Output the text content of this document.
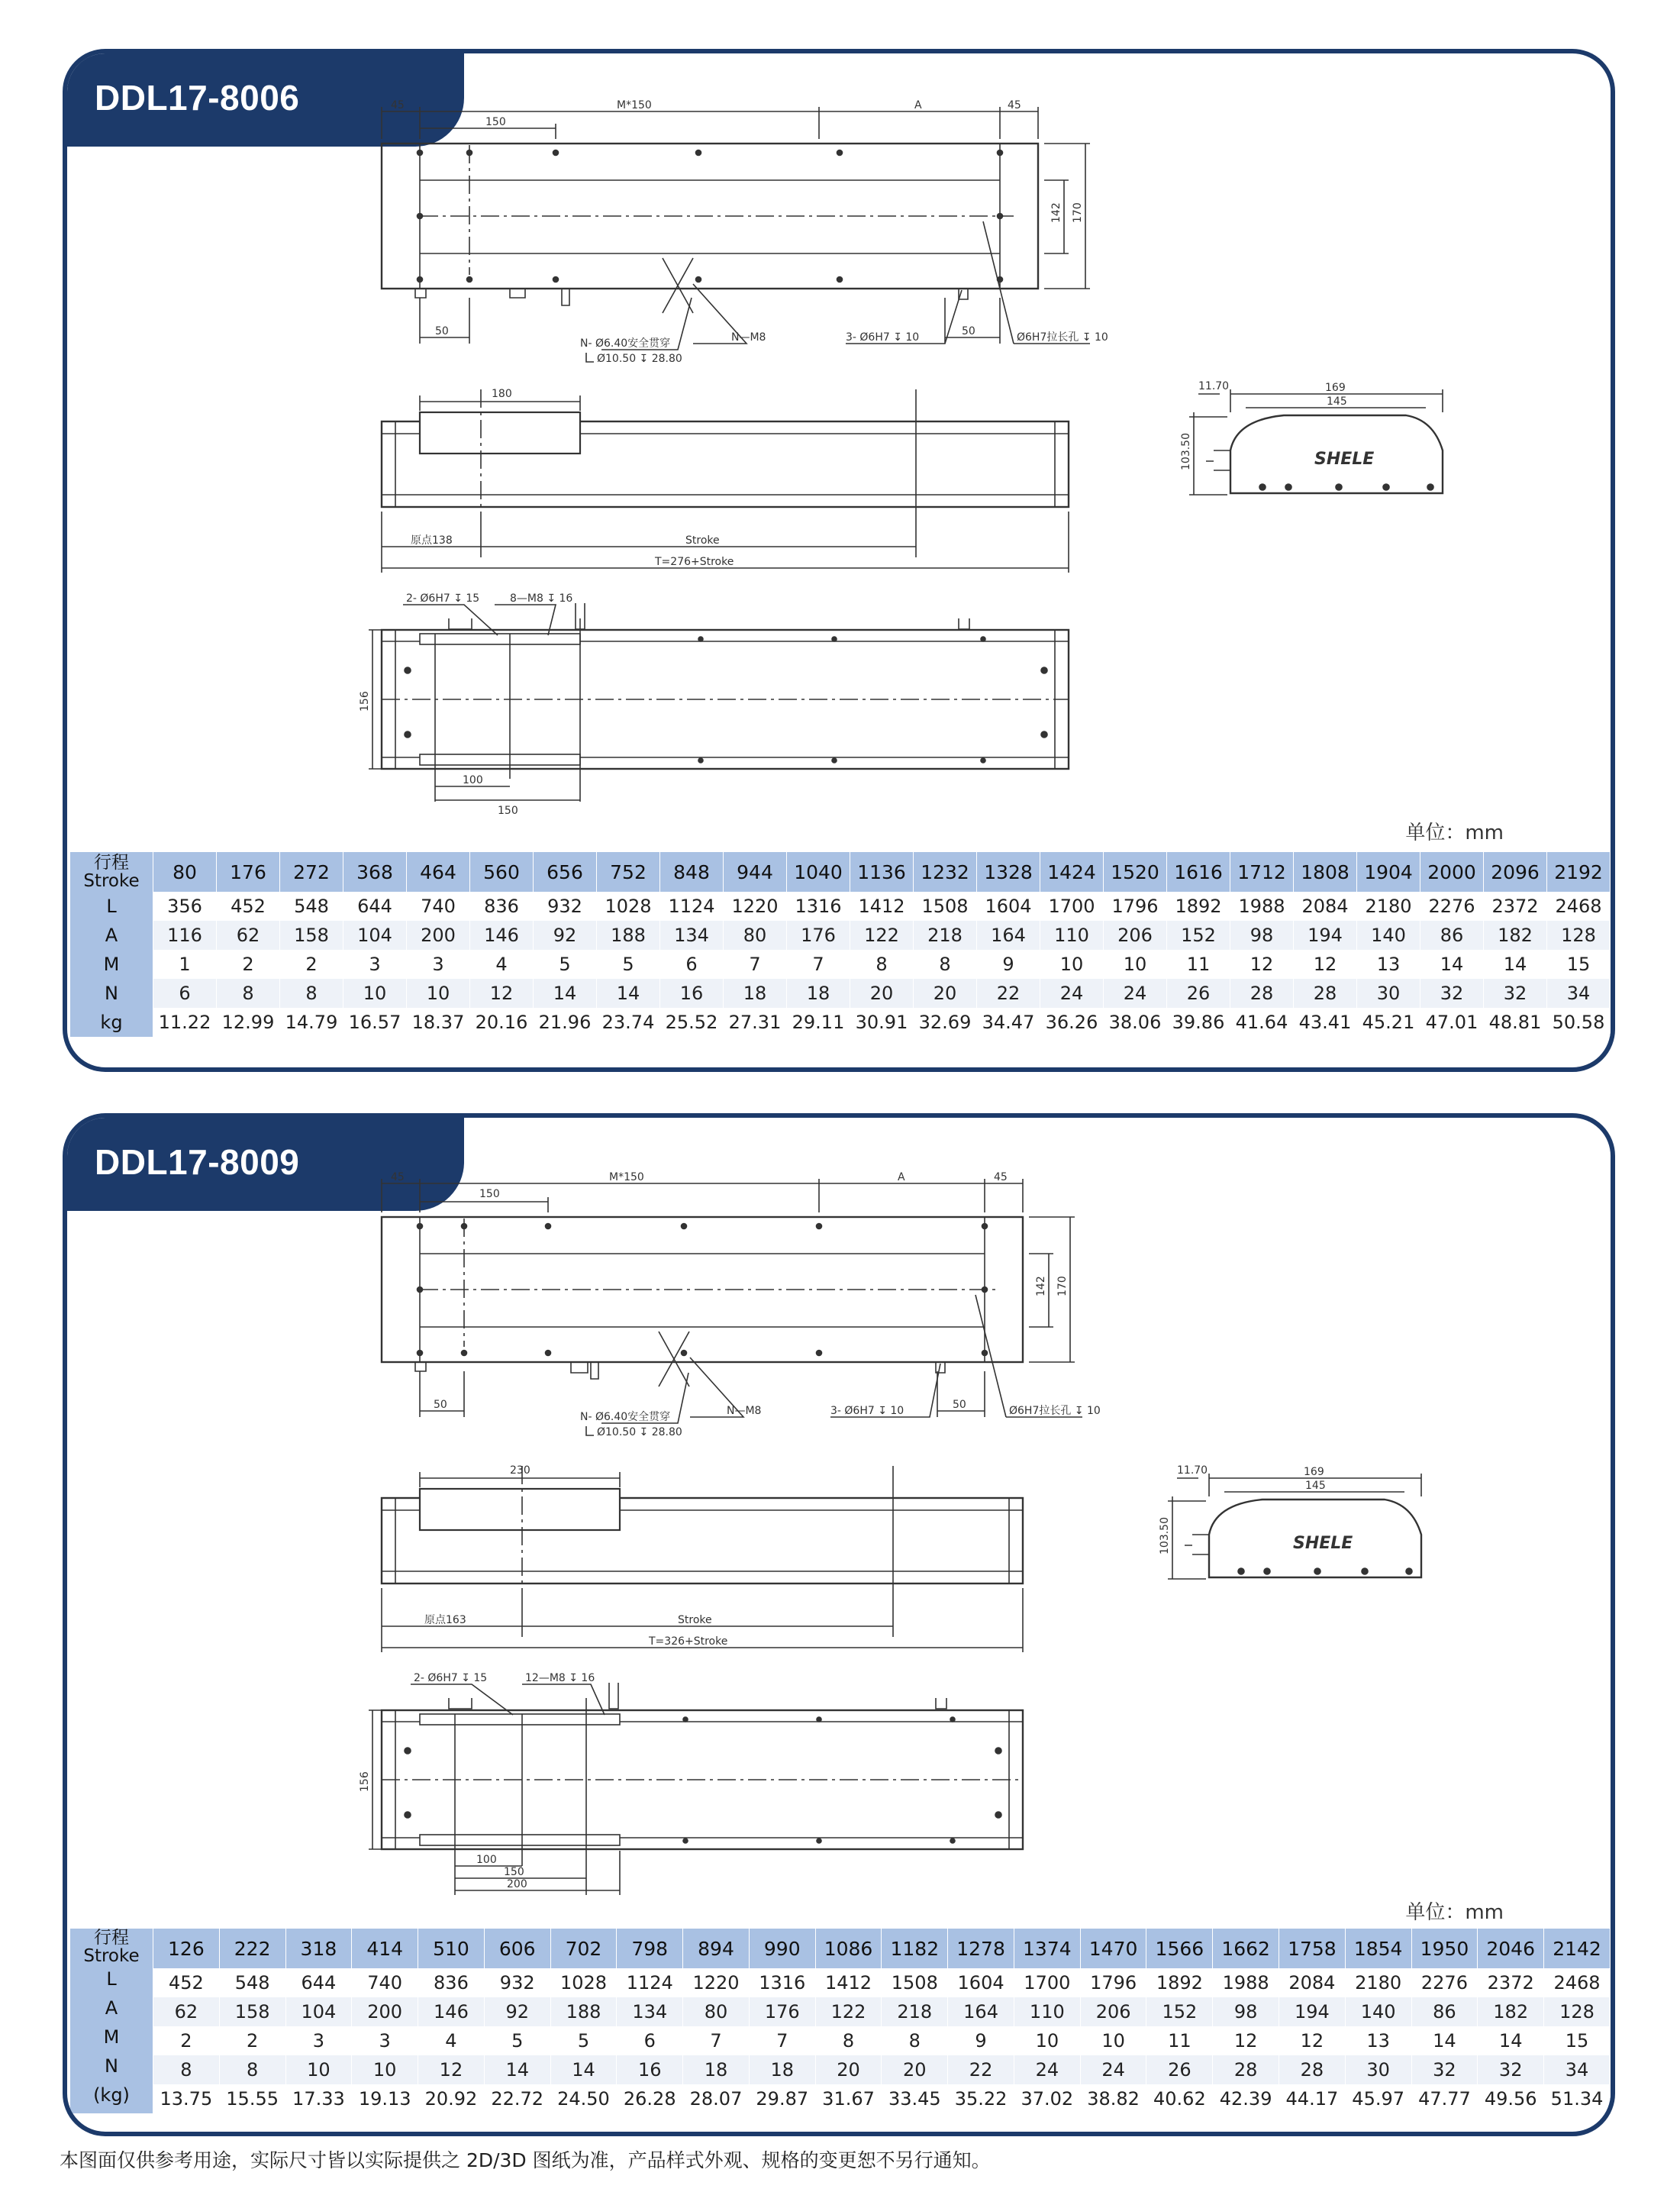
DDL17-8006	45	M*150	A	45
150
142 170
50	50
N- Ø6.40安全贯穿
Ø10.50 ↧ 28.80
N—M8	3- Ø6H7 ↧ 10	Ø6H7拉长孔 ↧ 10
180
原点138	Stroke
T=276+Stroke
2- Ø6H7 ↧ 15	8—M8 ↧ 16
156
100
150
169
145
11.70
103.50	SHELE
单位：mm
行程
Stroke	80	176	272	368	464	560	656	752	848	944	1040	1136	1232	1328	1424	1520	1616	1712	1808	1904	2000	2096	2192
L	356	452	548	644	740	836	932	1028	1124	1220	1316	1412	1508	1604	1700	1796	1892	1988	2084	2180	2276	2372	2468
A	116	62	158	104	200	146	92	188	134	80	176	122	218	164	110	206	152	98	194	140	86	182	128
M	1	2	2	3	3	4	5	5	6	7	7	8	8	9	10	10	11	12	12	13	14	14	15
N	6	8	8	10	10	12	14	14	16	18	18	20	20	22	24	24	26	28	28	30	32	32	34
kg	11.22	12.99	14.79	16.57	18.37	20.16	21.96	23.74	25.52	27.31	29.11	30.91	32.69	34.47	36.26	38.06	39.86	41.64	43.41	45.21	47.01	48.81	50.58
DDL17-8009	45	M*150	A	45
150
142 170
50	50
N- Ø6.40安全贯穿
Ø10.50 ↧ 28.80
N—M8	3- Ø6H7 ↧ 10	Ø6H7拉长孔 ↧ 10
230
原点163	Stroke
T=326+Stroke
2- Ø6H7 ↧ 15	12—M8 ↧ 16
156
100
150
200
169
145
11.70
103.50	SHELE
单位：mm
行程
Stroke	126	222	318	414	510	606	702	798	894	990	1086	1182	1278	1374	1470	1566	1662	1758	1854	1950	2046	2142
L	452	548	644	740	836	932	1028	1124	1220	1316	1412	1508	1604	1700	1796	1892	1988	2084	2180	2276	2372	2468
A	62	158	104	200	146	92	188	134	80	176	122	218	164	110	206	152	98	194	140	86	182	128
M	2	2	3	3	4	5	5	6	7	7	8	8	9	10	10	11	12	12	13	14	14	15
N	8	8	10	10	12	14	14	16	18	18	20	20	22	24	24	26	28	28	30	32	32	34
(kg)	13.75	15.55	17.33	19.13	20.92	22.72	24.50	26.28	28.07	29.87	31.67	33.45	35.22	37.02	38.82	40.62	42.39	44.17	45.97	47.77	49.56	51.34
本图面仅供参考用途，实际尺寸皆以实际提供之 2D/3D 图纸为准，产品样式外观、规格的变更恕不另行通知。
